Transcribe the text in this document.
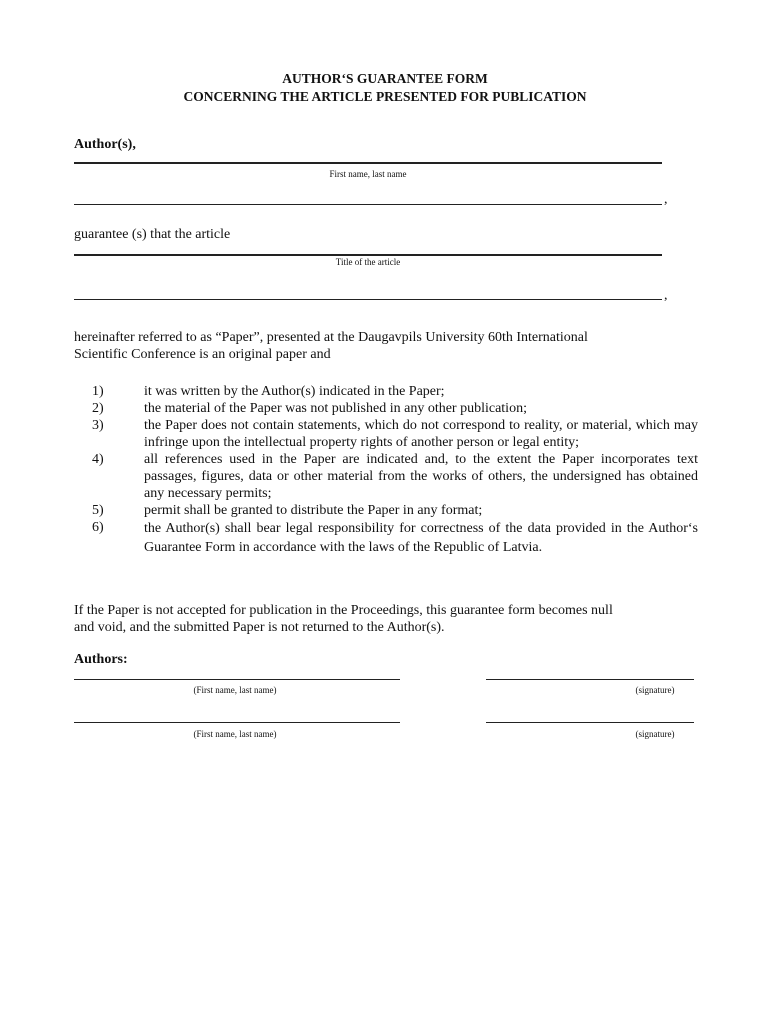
AUTHOR‘S GUARANTEE FORM
CONCERNING THE ARTICLE PRESENTED FOR PUBLICATION
Author(s),
First name, last name
,
guarantee (s) that the article
Title of the article
,
hereinafter referred to as “Paper”, presented at the Daugavpils University 60th International
Scientific Conference is an original paper and
1)	it was written by the Author(s) indicated in the Paper;
2)	the material of the Paper was not published in any other publication;
3)	the Paper does not contain statements, which do not correspond to reality, or material, which may infringe upon the intellectual property rights of another person or legal entity;
4)	all references used in the Paper are indicated and, to the extent the Paper incorporates text passages, figures, data or other material from the works of others, the undersigned has obtained any necessary permits;
5)	permit shall be granted to distribute the Paper in any format;
6)	the Author(s) shall bear legal responsibility for correctness of the data provided in the Author‘s Guarantee Form in accordance with the laws of the Republic of Latvia.
If the Paper is not accepted for publication in the Proceedings, this guarantee form becomes null
and void, and the submitted Paper is not returned to the Author(s).
Authors:
(First name, last name)	(signature)
(First name, last name)	(signature)
